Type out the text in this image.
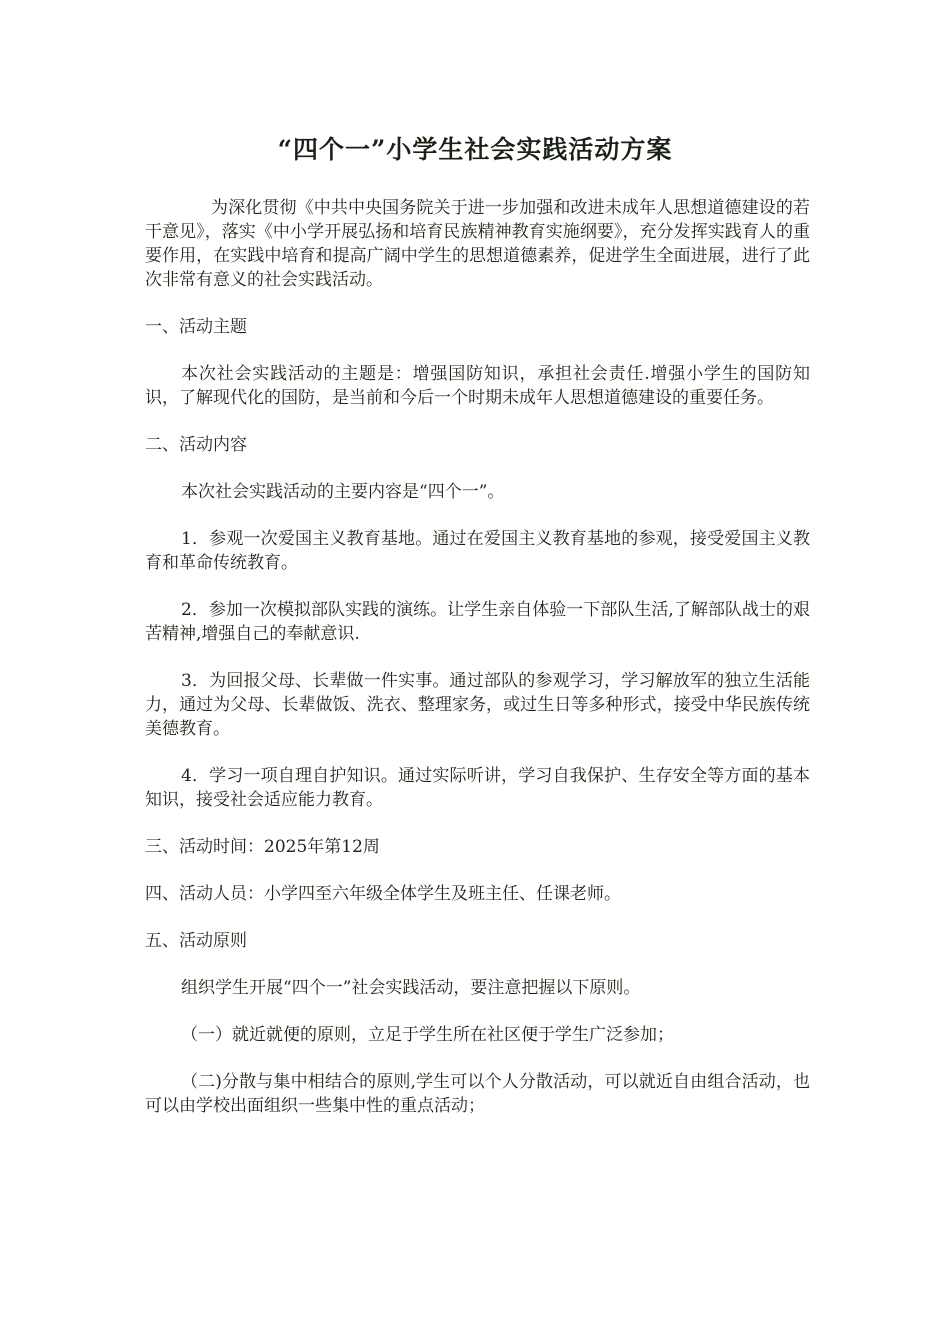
“四个一”小学生社会实践活动方案

为深化贯彻《中共中央国务院关于进一步加强和改进未成年人思想道德建设的若干意见》，落实《中小学开展弘扬和培育民族精神教育实施纲要》，充分发挥实践育人的重要作用，在实践中培育和提高广阔中学生的思想道德素养，促进学生全面进展，进行了此次非常有意义的社会实践活动。

一、活动主题

本次社会实践活动的主题是：增强国防知识，承担社会责任.增强小学生的国防知识，了解现代化的国防，是当前和今后一个时期未成年人思想道德建设的重要任务。

二、活动内容

本次社会实践活动的主要内容是“四个一”。

1．参观一次爱国主义教育基地。通过在爱国主义教育基地的参观，接受爱国主义教育和革命传统教育。

2．参加一次模拟部队实践的演练。让学生亲自体验一下部队生活,了解部队战士的艰苦精神,增强自己的奉献意识.

3．为回报父母、长辈做一件实事。通过部队的参观学习，学习解放军的独立生活能力，通过为父母、长辈做饭、洗衣、整理家务，或过生日等多种形式，接受中华民族传统美德教育。

4．学习一项自理自护知识。通过实际听讲，学习自我保护、生存安全等方面的基本知识，接受社会适应能力教育。

三、活动时间：2025年第12周

四、活动人员：小学四至六年级全体学生及班主任、任课老师。

五、活动原则

组织学生开展“四个一”社会实践活动，要注意把握以下原则。

（一）就近就便的原则，立足于学生所在社区便于学生广泛参加；

（二)分散与集中相结合的原则,学生可以个人分散活动，可以就近自由组合活动，也可以由学校出面组织一些集中性的重点活动；
